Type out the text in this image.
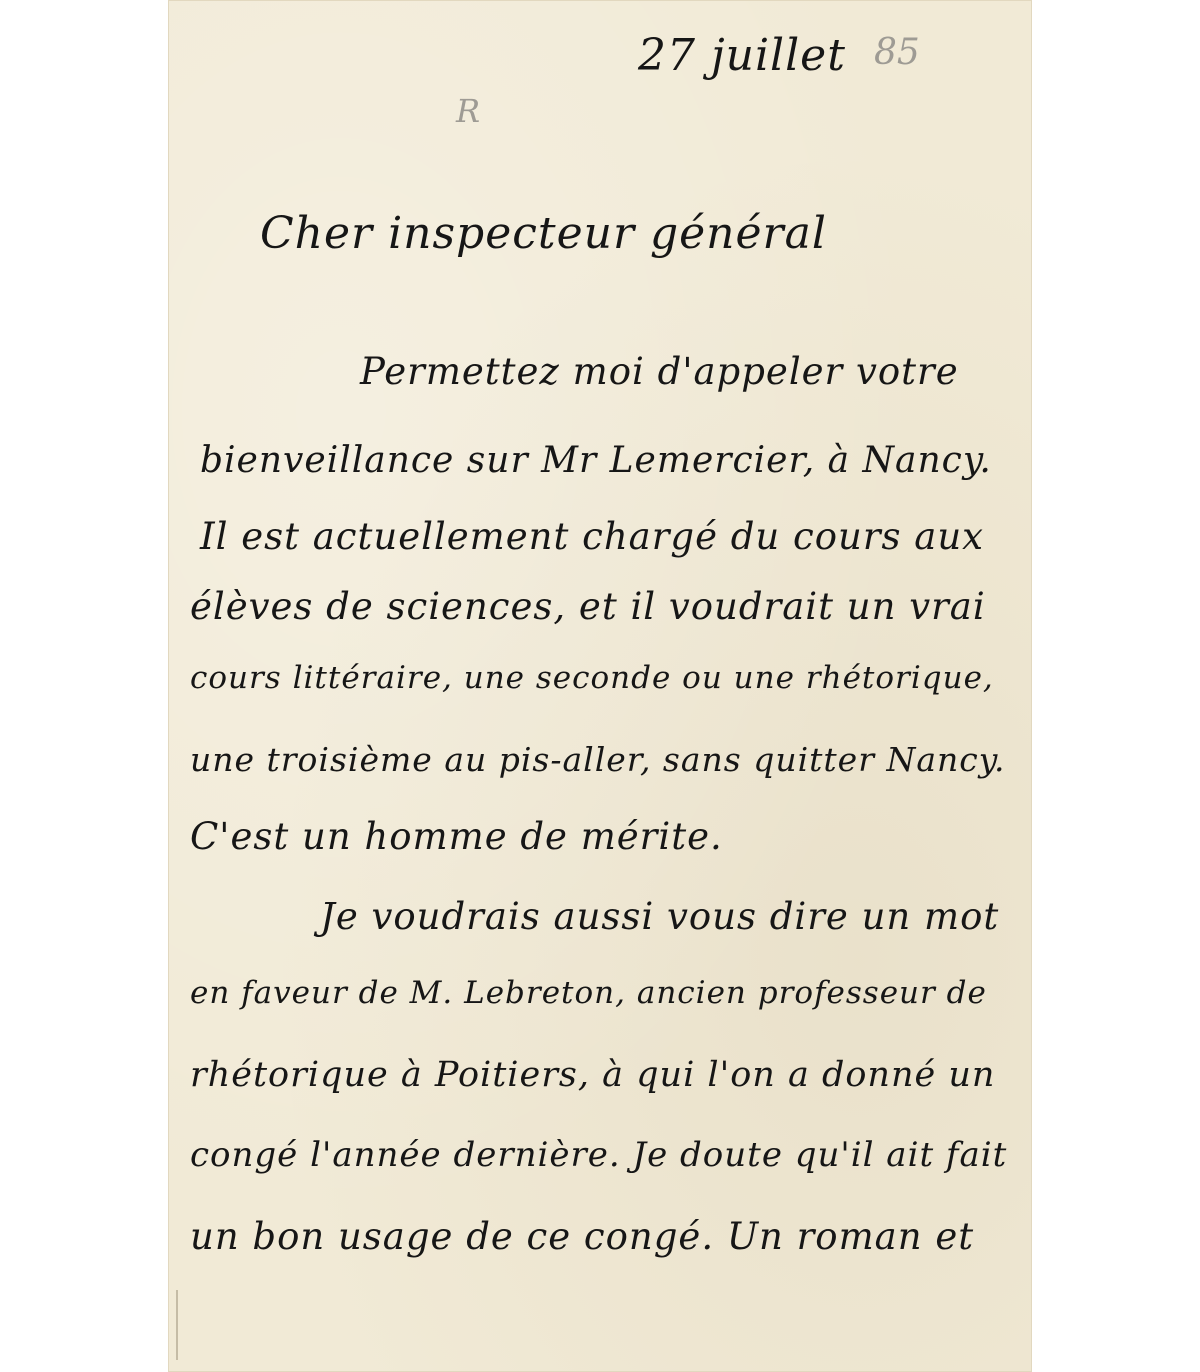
27 juillet 85
R
Cher inspecteur général
Permettez moi d'appeler votre
bienveillance sur Mr Lemercier, à Nancy.
Il est actuellement chargé du cours aux
élèves de sciences, et il voudrait un vrai
cours littéraire, une seconde ou une rhétorique,
une troisième au pis-aller, sans quitter Nancy.
C'est un homme de mérite.
Je voudrais aussi vous dire un mot
en faveur de M. Lebreton, ancien professeur de
rhétorique à Poitiers, à qui l'on a donné un
congé l'année dernière. Je doute qu'il ait fait
un bon usage de ce congé. Un roman et
